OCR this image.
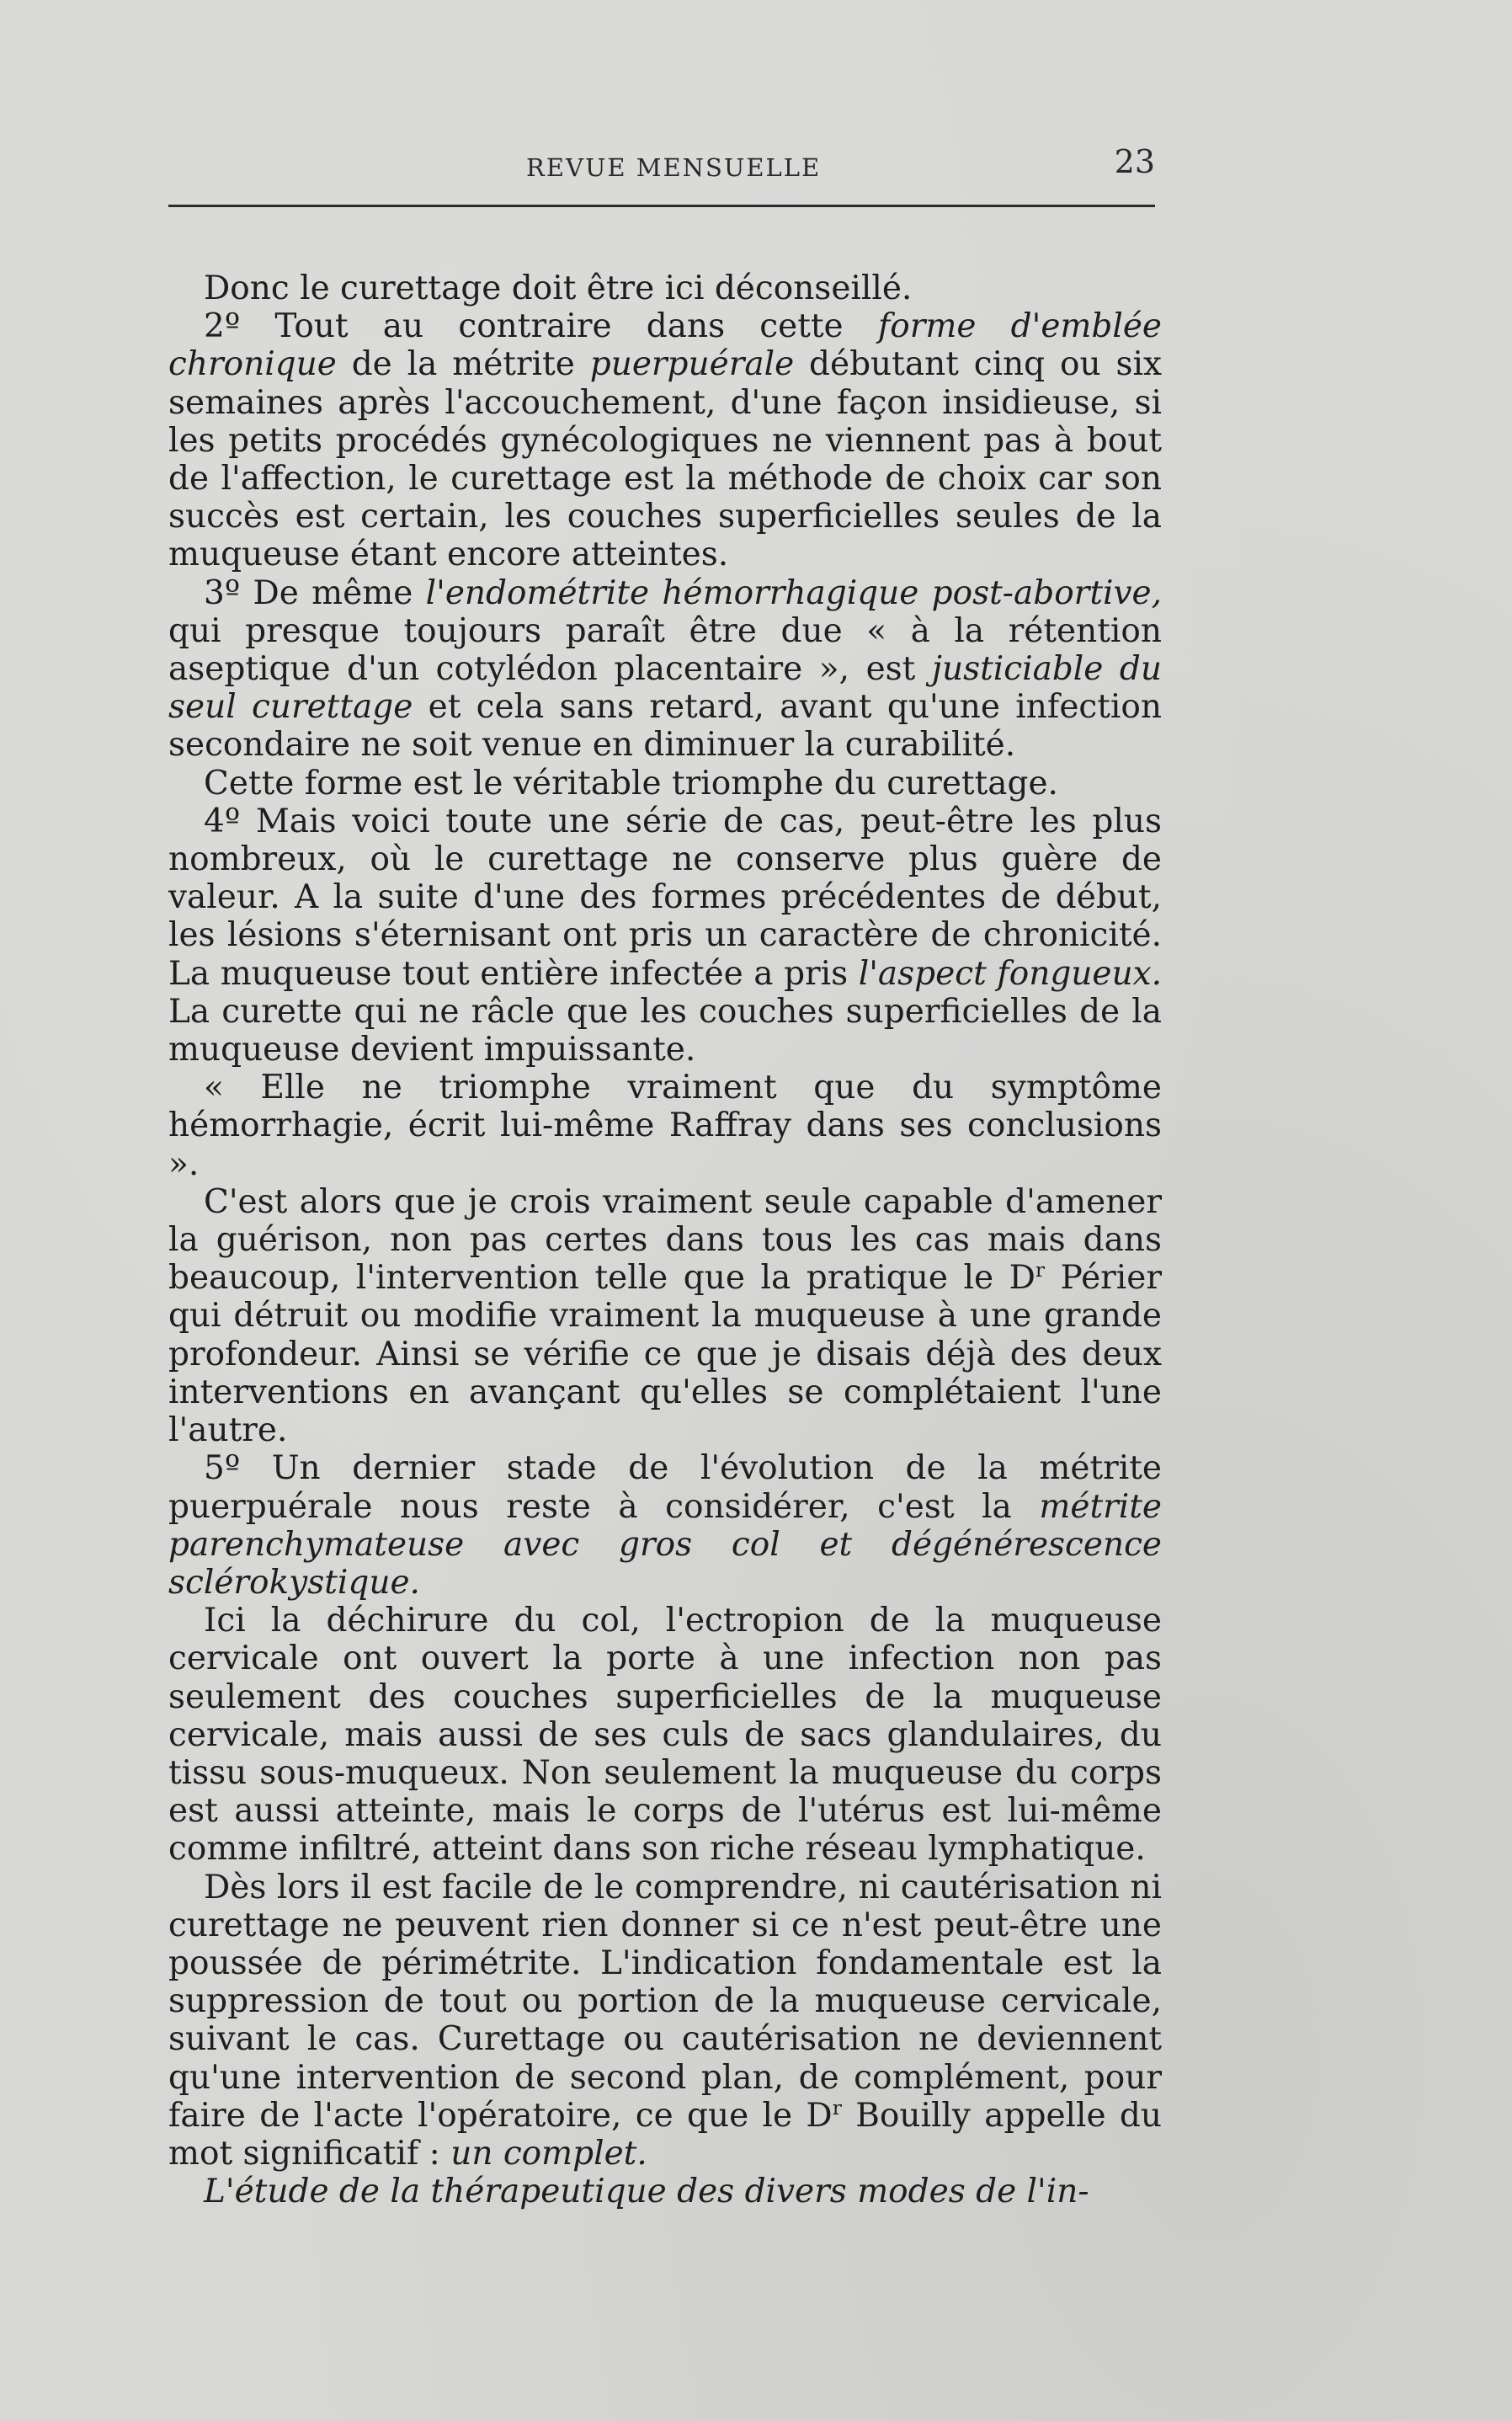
REVUE MENSUELLE	23

Donc le curettage doit être ici déconseillé.

2º Tout au contraire dans cette forme d'emblée chronique de la métrite puerpuérale débutant cinq ou six semaines après l'accouchement, d'une façon insidieuse, si les petits procédés gynécologiques ne viennent pas à bout de l'affection, le curettage est la méthode de choix car son succès est certain, les couches superficielles seules de la muqueuse étant encore atteintes.

3º De même l'endométrite hémorrhagique post-abortive, qui presque toujours paraît être due « à la rétention aseptique d'un cotylédon placentaire », est justiciable du seul curettage et cela sans retard, avant qu'une infection secondaire ne soit venue en diminuer la curabilité.

Cette forme est le véritable triomphe du curettage.

4º Mais voici toute une série de cas, peut-être les plus nombreux, où le curettage ne conserve plus guère de valeur. A la suite d'une des formes précédentes de début, les lésions s'éternisant ont pris un caractère de chronicité. La muqueuse tout entière infectée a pris l'aspect fongueux. La curette qui ne râcle que les couches superficielles de la muqueuse devient impuissante.

« Elle ne triomphe vraiment que du symptôme hémorrhagie, écrit lui-même Raffray dans ses conclusions ».

C'est alors que je crois vraiment seule capable d'amener la guérison, non pas certes dans tous les cas mais dans beaucoup, l'intervention telle que la pratique le $D^r$ Périer qui détruit ou modifie vraiment la muqueuse à une grande profondeur. Ainsi se vérifie ce que je disais déjà des deux interventions en avançant qu'elles se complétaient l'une l'autre.

5º Un dernier stade de l'évolution de la métrite puerpuérale nous reste à considérer, c'est la métrite parenchymateuse avec gros col et dégénérescence sclérokystique.

Ici la déchirure du col, l'ectropion de la muqueuse cervicale ont ouvert la porte à une infection non pas seulement des couches superficielles de la muqueuse cervicale, mais aussi de ses culs de sacs glandulaires, du tissu sous-muqueux. Non seulement la muqueuse du corps est aussi atteinte, mais le corps de l'utérus est lui-même comme infiltré, atteint dans son riche réseau lymphatique.

Dès lors il est facile de le comprendre, ni cautérisation ni curettage ne peuvent rien donner si ce n'est peut-être une poussée de périmétrite. L'indication fondamentale est la suppression de tout ou portion de la muqueuse cervicale, suivant le cas. Curettage ou cautérisation ne deviennent qu'une intervention de second plan, de complément, pour faire de l'acte l'opératoire, ce que le $D^r$ Bouilly appelle du mot significatif : un complet.

L'étude de la thérapeutique des divers modes de l'in-
